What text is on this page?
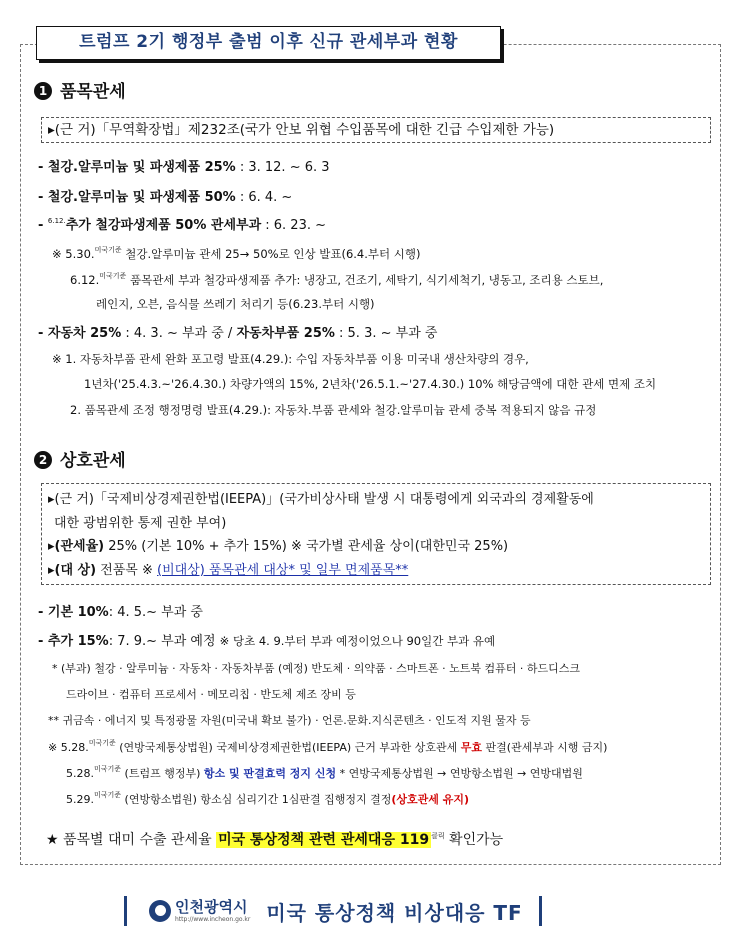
트럼프 2기 행정부 출범 이후 신규 관세부과 현황
1 품목관세
▸(근 거)「무역확장법」제232조(국가 안보 위협 수입품목에 대한 긴급 수입제한 가능)
- 철강.알루미늄 및 파생제품 25% : 3. 12. ~ 6. 3
- 철강.알루미늄 및 파생제품 50% : 6. 4. ~
- $^{6.12.}$추가 철강파생제품 50% 관세부과 : 6. 23. ~
※ 5.30.$^{미국기준}$ 철강.알루미늄 관세 25→ 50%로 인상 발표(6.4.부터 시행)
6.12.$^{미국기준}$ 품목관세 부과 철강파생제품 추가: 냉장고, 건조기, 세탁기, 식기세척기, 냉동고, 조리용 스토브,
레인지, 오븐, 음식물 쓰레기 처리기 등(6.23.부터 시행)
- 자동차 25% : 4. 3. ~ 부과 중 / 자동차부품 25% : 5. 3. ~ 부과 중
※ 1. 자동차부품 관세 완화 포고령 발표(4.29.): 수입 자동차부품 이용 미국내 생산차량의 경우,
1년차('25.4.3.~'26.4.30.) 차량가액의 15%, 2년차('26.5.1.~'27.4.30.) 10% 해당금액에 대한 관세 면제 조치
2. 품목관세 조정 행정명령 발표(4.29.): 자동차.부품 관세와 철강.알루미늄 관세 중복 적용되지 않음 규정
2 상호관세
▸(근 거)「국제비상경제권한법(IEEPA)」(국가비상사태 발생 시 대통령에게 외국과의 경제활동에
대한 광범위한 통제 권한 부여)
▸(관세율) 25% (기본 10% + 추가 15%) ※ 국가별 관세율 상이(대한민국 25%)
▸(대 상) 전품목 ※ (비대상) 품목관세 대상* 및 일부 면제품목**
- 기본 10%: 4. 5.~ 부과 중
- 추가 15%: 7. 9.~ 부과 예정 ※ 당초 4. 9.부터 부과 예정이었으나 90일간 부과 유예
* (부과) 철강 · 알루미늄 · 자동차 · 자동차부품 (예정) 반도체 · 의약품 · 스마트폰 · 노트북 컴퓨터 · 하드디스크
드라이브 · 컴퓨터 프로세서 · 메모리칩 · 반도체 제조 장비 등
** 귀금속 · 에너지 및 특정광물 자원(미국내 확보 불가) · 언론.문화.지식콘텐츠 · 인도적 지원 물자 등
※ 5.28.$^{미국기준}$ (연방국제통상법원) 국제비상경제권한법(IEEPA) 근거 부과한 상호관세 무효 판결(관세부과 시행 금지)
5.28.$^{미국기준}$ (트럼프 행정부) 항소 및 판결효력 정지 신청 * 연방국제통상법원 → 연방항소법원 → 연방대법원
5.29.$^{미국기준}$ (연방항소법원) 항소심 심리기간 1심판결 집행정지 결정(상호관세 유지)
★ 품목별 대미 수출 관세율 미국 통상정책 관련 관세대응 119 $^{클릭}$ 확인가능
인천광역시
http://www.incheon.go.kr 미국 통상정책 비상대응 TF
